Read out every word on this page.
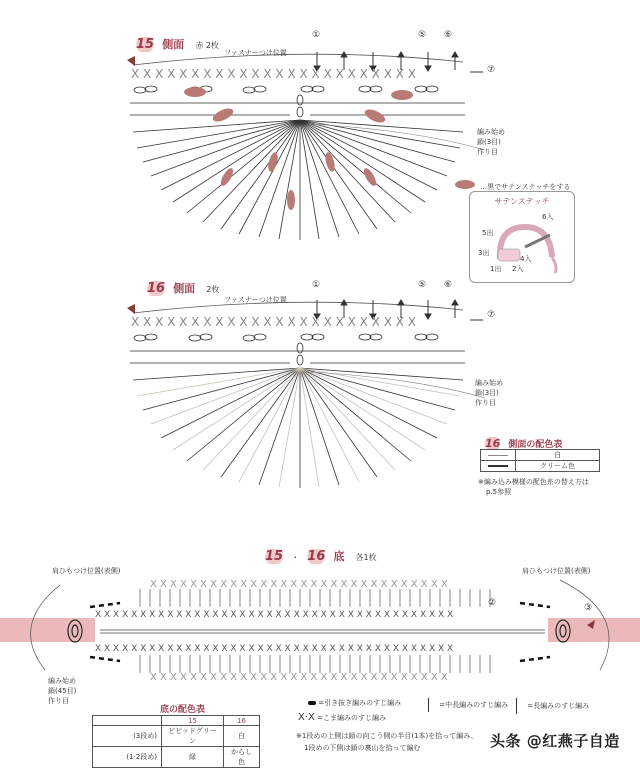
15 側面 赤 2枚
ファスナーつけ位置
①	⑤ ⑥
⑦
X X X X X X X X X X X X X X X X X X X X X X X X
編み始め
鎖(3目)
作り目
…黒でサテンステッチをする
サテンステッチ
6入
5出
3出
4入
1出 2入
16 側面 2枚
ファスナーつけ位置
①	⑤ ⑥
⑦
X X X X X X X X X X X X X X X X X X X X X X X X
編み始め
鎖(3目)
作り目
16 側面の配色表
	白

	クリーム色
※編み込み模様の配色糸の替え方は
p.5参照
15 ・ 16 底 各1枚
肩ひもつけ位置(表側)	肩ひもつけ位置(表側)
X X X X X X X X X X X X X X X X X X X X X X X X X X X X X X
X X X X X X X X X X X X X X X X X X X X X X X X X X X X X X
X X X X X X X X X X X X X X X X X X X X X X X X X X X X X X X X X X X X X X X X
X X X X X X X X X X X X X X X X X X X X X X X X X X X X X X X X X X X X X X X X
②	③
編み始め
鎖(45目)
作り目
底の配色表
	15	16
(3段め)	ビビッドグリーン	白
(1·2段め)	緑	からし色
=引き抜き編みのすじ編み	=中長編みのすじ編み	=長編みのすじ編み
X·X =こま編みのすじ編み
※1段めの上側は鎖の向こう側の半目(1本)を拾って編み、
1段めの下側は鎖の裏山を拾って編む	头条 @红燕子自造
